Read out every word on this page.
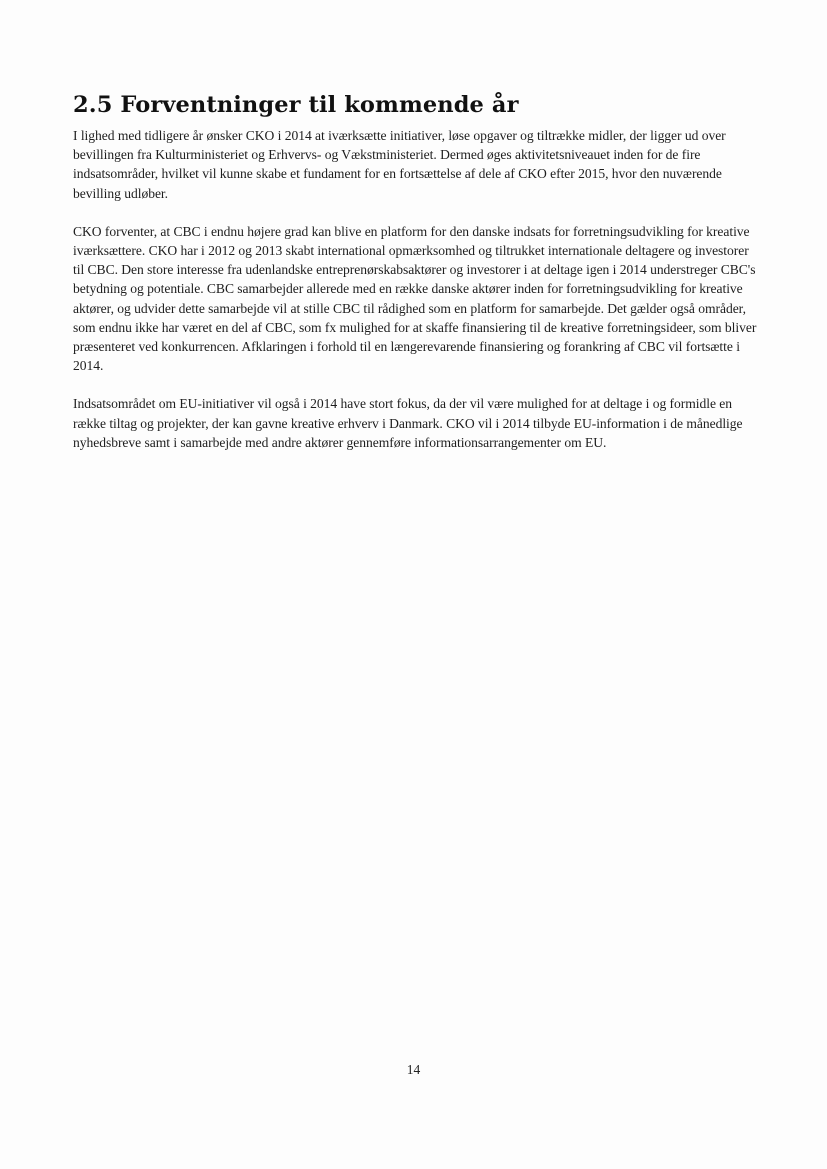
2.5 Forventninger til kommende år

I lighed med tidligere år ønsker CKO i 2014 at iværksætte initiativer, løse opgaver og tiltrække midler, der ligger ud over bevillingen fra Kulturministeriet og Erhvervs- og Vækstministeriet. Dermed øges aktivitetsniveauet inden for de fire indsatsområder, hvilket vil kunne skabe et fundament for en fortsættelse af dele af CKO efter 2015, hvor den nuværende bevilling udløber.

CKO forventer, at CBC i endnu højere grad kan blive en platform for den danske indsats for forretningsudvikling for kreative iværksættere. CKO har i 2012 og 2013 skabt international opmærksomhed og tiltrukket internationale deltagere og investorer til CBC. Den store interesse fra udenlandske entreprenørskabsaktører og investorer i at deltage igen i 2014 understreger CBC's betydning og potentiale. CBC samarbejder allerede med en række danske aktører inden for forretningsudvikling for kreative aktører, og udvider dette samarbejde vil at stille CBC til rådighed som en platform for samarbejde. Det gælder også områder, som endnu ikke har været en del af CBC, som fx mulighed for at skaffe finansiering til de kreative forretningsideer, som bliver præsenteret ved konkurrencen. Afklaringen i forhold til en længerevarende finansiering og forankring af CBC vil fortsætte i 2014.

Indsatsområdet om EU-initiativer vil også i 2014 have stort fokus, da der vil være mulighed for at deltage i og formidle en række tiltag og projekter, der kan gavne kreative erhverv i Danmark. CKO vil i 2014 tilbyde EU-information i de månedlige nyhedsbreve samt i samarbejde med andre aktører gennemføre informationsarrangementer om EU.

14
